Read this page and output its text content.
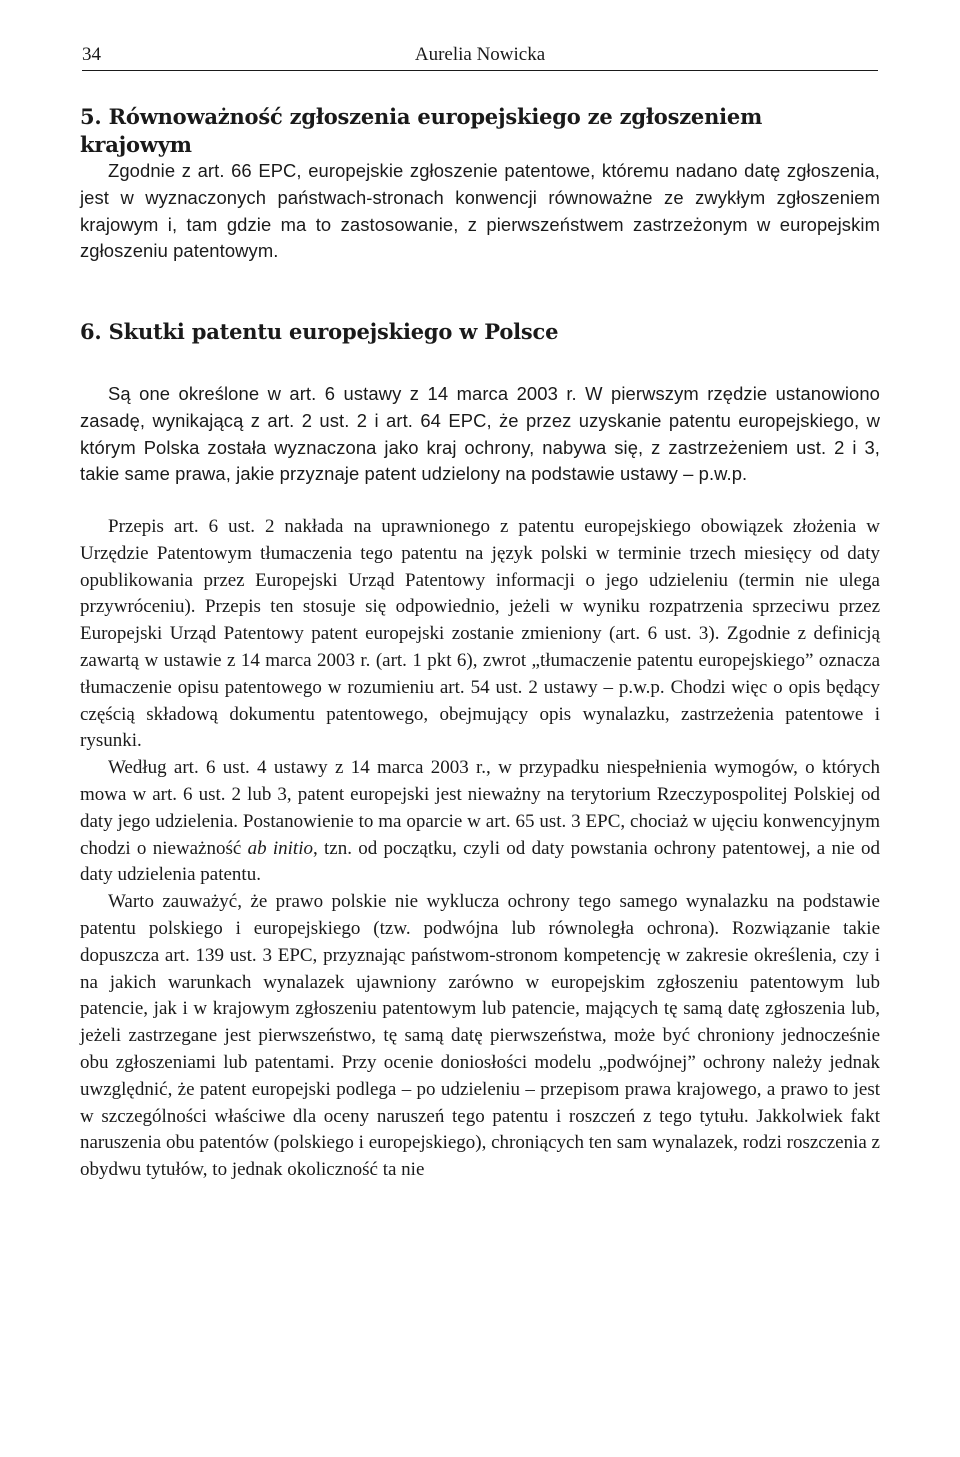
34	Aurelia Nowicka
5. Równoważność zgłoszenia europejskiego ze zgłoszeniem krajowym

Zgodnie z art. 66 EPC, europejskie zgłoszenie patentowe, któremu nadano datę zgłoszenia, jest w wyznaczonych państwach-stronach konwencji równoważne ze zwykłym zgłoszeniem krajowym i, tam gdzie ma to zastosowanie, z pierwszeństwem zastrzeżonym w europejskim zgłoszeniu patentowym.

6. Skutki patentu europejskiego w Polsce

Są one określone w art. 6 ustawy z 14 marca 2003 r. W pierwszym rzędzie ustanowiono zasadę, wynikającą z art. 2 ust. 2 i art. 64 EPC, że przez uzyskanie patentu europejskiego, w którym Polska została wyznaczona jako kraj ochrony, nabywa się, z zastrzeżeniem ust. 2 i 3, takie same prawa, jakie przyznaje patent udzielony na podstawie ustawy – p.w.p.

Przepis art. 6 ust. 2 nakłada na uprawnionego z patentu europejskiego obowiązek złożenia w Urzędzie Patentowym tłumaczenia tego patentu na język polski w terminie trzech miesięcy od daty opublikowania przez Europejski Urząd Patentowy informacji o jego udzieleniu (termin nie ulega przywróceniu). Przepis ten stosuje się odpowiednio, jeżeli w wyniku rozpatrzenia sprzeciwu przez Europejski Urząd Patentowy patent europejski zostanie zmieniony (art. 6 ust. 3). Zgodnie z definicją zawartą w ustawie z 14 marca 2003 r. (art. 1 pkt 6), zwrot „tłumaczenie patentu europejskiego” oznacza tłumaczenie opisu patentowego w rozumieniu art. 54 ust. 2 ustawy – p.w.p. Chodzi więc o opis będący częścią składową dokumentu patentowego, obejmujący opis wynalazku, zastrzeżenia patentowe i rysunki.

Według art. 6 ust. 4 ustawy z 14 marca 2003 r., w przypadku niespełnienia wymogów, o których mowa w art. 6 ust. 2 lub 3, patent europejski jest nieważny na terytorium Rzeczypospolitej Polskiej od daty jego udzielenia. Postanowienie to ma oparcie w art. 65 ust. 3 EPC, chociaż w ujęciu konwencyjnym chodzi o nieważność ab initio, tzn. od początku, czyli od daty powstania ochrony patentowej, a nie od daty udzielenia patentu.

Warto zauważyć, że prawo polskie nie wyklucza ochrony tego samego wynalazku na podstawie patentu polskiego i europejskiego (tzw. podwójna lub równoległa ochrona). Rozwiązanie takie dopuszcza art. 139 ust. 3 EPC, przyznając państwom-stronom kompetencję w zakresie określenia, czy i na jakich warunkach wynalazek ujawniony zarówno w europejskim zgłoszeniu patentowym lub patencie, jak i w krajowym zgłoszeniu patentowym lub patencie, mających tę samą datę zgłoszenia lub, jeżeli zastrzegane jest pierwszeństwo, tę samą datę pierwszeństwa, może być chroniony jednocześnie obu zgłoszeniami lub patentami. Przy ocenie doniosłości modelu „podwójnej” ochrony należy jednak uwzględnić, że patent europejski podlega – po udzieleniu – przepisom prawa krajowego, a prawo to jest w szczególności właściwe dla oceny naruszeń tego patentu i roszczeń z tego tytułu. Jakkolwiek fakt naruszenia obu patentów (polskiego i europejskiego), chroniących ten sam wynalazek, rodzi roszczenia z obydwu tytułów, to jednak okoliczność ta nie
